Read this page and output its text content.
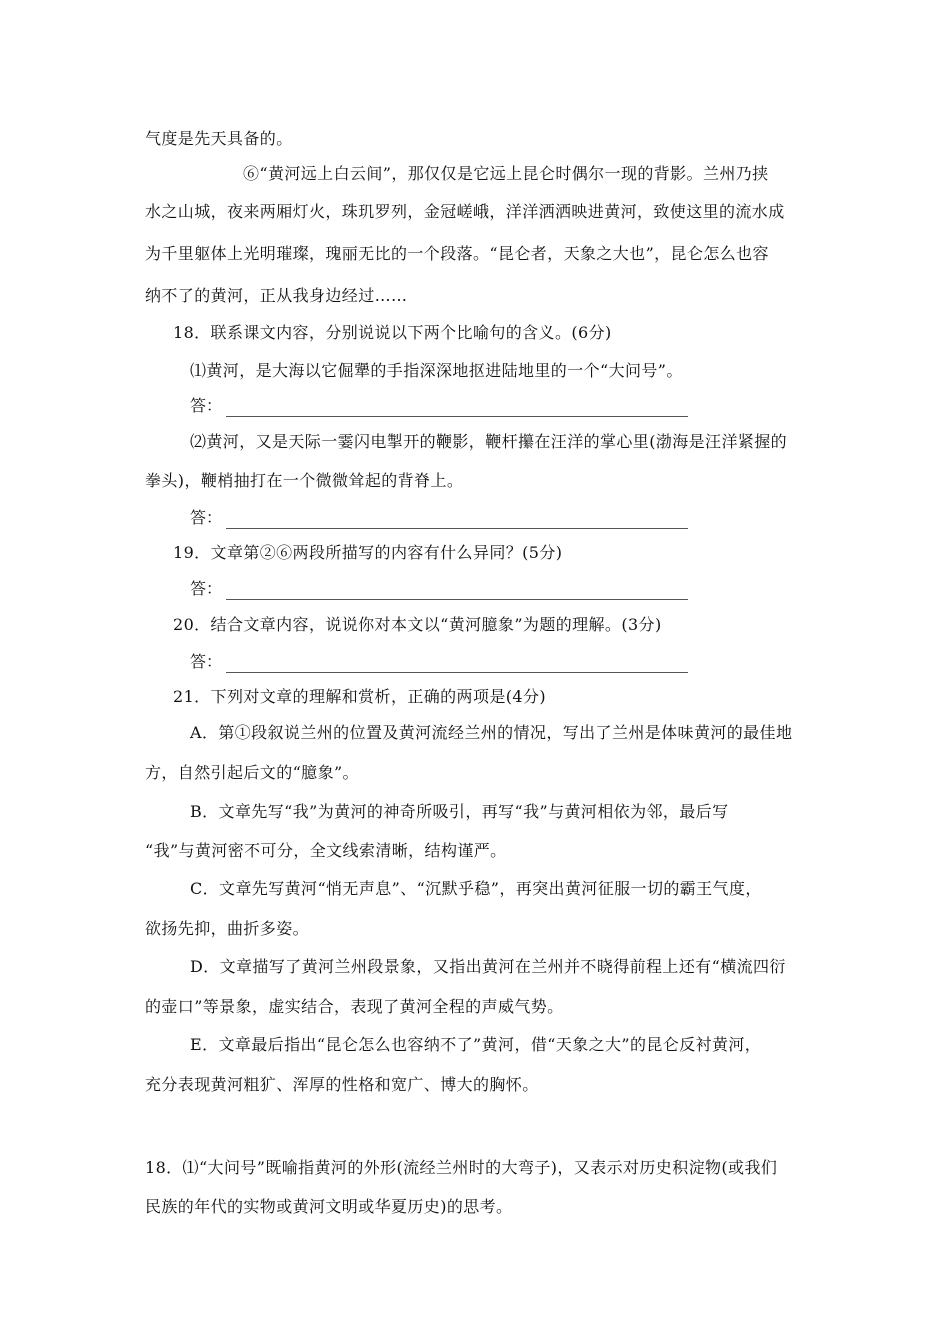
气度是先天具备的。
⑥“黄河远上白云间”，那仅仅是它远上昆仑时偶尔一现的背影。兰州乃挟
水之山城，夜来两厢灯火，珠玑罗列，金冠嵯峨，洋洋洒洒映进黄河，致使这里的流水成
为千里躯体上光明璀璨，瑰丽无比的一个段落。“昆仑者，天象之大也”，昆仑怎么也容
纳不了的黄河，正从我身边经过……
18．联系课文内容，分别说说以下两个比喻句的含义。(6分)
⑴黄河，是大海以它倔犟的手指深深地抠进陆地里的一个“大问号”。
答：
⑵黄河，又是天际一霎闪电掣开的鞭影，鞭杆攥在汪洋的掌心里(渤海是汪洋紧握的
拳头)，鞭梢抽打在一个微微耸起的背脊上。
答：
19．文章第②⑥两段所描写的内容有什么异同？(5分)
答：
20．结合文章内容，说说你对本文以“黄河臆象”为题的理解。(3分)
答：
21．下列对文章的理解和赏析，正确的两项是(4分)
A．第①段叙说兰州的位置及黄河流经兰州的情况，写出了兰州是体味黄河的最佳地
方，自然引起后文的“臆象”。
B．文章先写“我”为黄河的神奇所吸引，再写“我”与黄河相依为邻，最后写
“我”与黄河密不可分，全文线索清晰，结构谨严。
C．文章先写黄河“悄无声息”、“沉默乎稳”，再突出黄河征服一切的霸王气度，
欲扬先抑，曲折多姿。
D．文章描写了黄河兰州段景象，又指出黄河在兰州并不晓得前程上还有“横流四衍
的壶口”等景象，虚实结合，表现了黄河全程的声威气势。
E．文章最后指出“昆仑怎么也容纳不了”黄河，借“天象之大”的昆仑反衬黄河，
充分表现黄河粗犷、浑厚的性格和宽广、博大的胸怀。
18．⑴“大问号”既喻指黄河的外形(流经兰州时的大弯子)，又表示对历史积淀物(或我们
民族的年代的实物或黄河文明或华夏历史)的思考。
